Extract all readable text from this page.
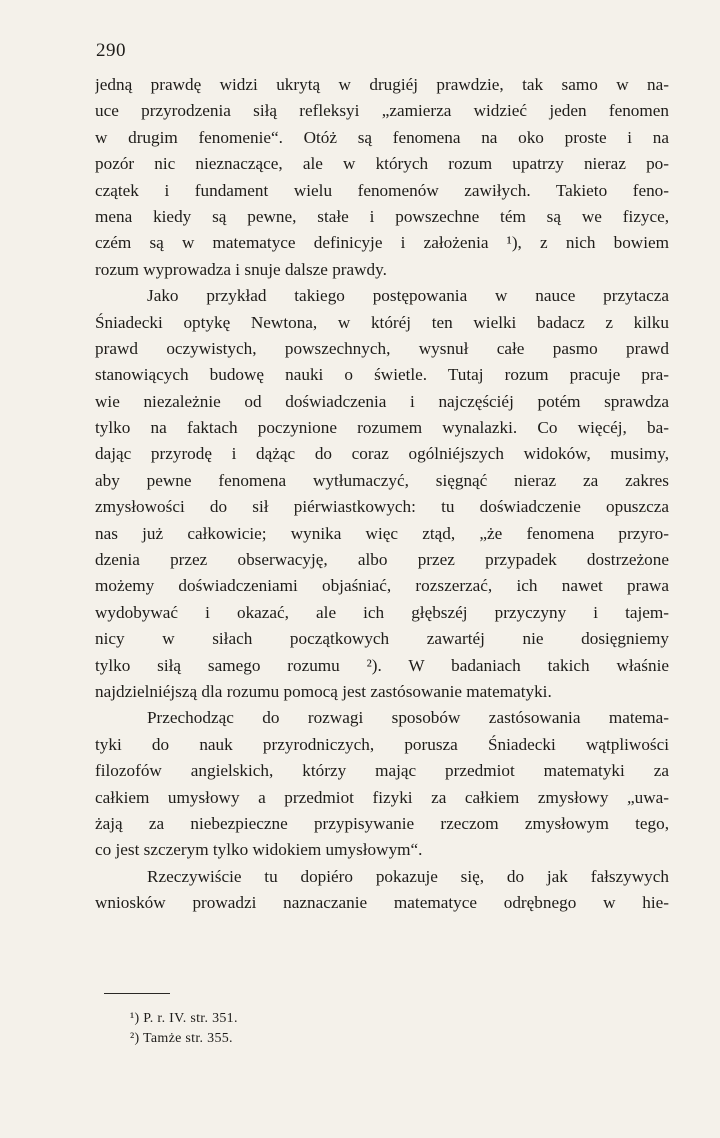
290
jedną prawdę widzi ukrytą w drugiéj prawdzie, tak samo w na-
uce przyrodzenia siłą refleksyi „zamierza widzieć jeden fenomen
w drugim fenomenie“. Otóż są fenomena na oko proste i na
pozór nic nieznaczące, ale w których rozum upatrzy nieraz po-
czątek i fundament wielu fenomenów zawiłych. Takieto feno-
mena kiedy są pewne, stałe i powszechne tém są we fizyce,
czém są w matematyce definicyje i założenia ¹), z nich bowiem
rozum wyprowadza i snuje dalsze prawdy.
Jako przykład takiego postępowania w nauce przytacza
Śniadecki optykę Newtona, w któréj ten wielki badacz z kilku
prawd oczywistych, powszechnych, wysnuł całe pasmo prawd
stanowiących budowę nauki o świetle. Tutaj rozum pracuje pra-
wie niezależnie od doświadczenia i najczęściéj potém sprawdza
tylko na faktach poczynione rozumem wynalazki. Co więcéj, ba-
dając przyrodę i dążąc do coraz ogólniéjszych widoków, musimy,
aby pewne fenomena wytłumaczyć, sięgnąć nieraz za zakres
zmysłowości do sił piérwiastkowych: tu doświadczenie opuszcza
nas już całkowicie; wynika więc ztąd, „że fenomena przyro-
dzenia przez obserwacyję, albo przez przypadek dostrzeżone
możemy doświadczeniami objaśniać, rozszerzać, ich nawet prawa
wydobywać i okazać, ale ich głębszéj przyczyny i tajem-
nicy w siłach początkowych zawartéj nie dosięgniemy
tylko siłą samego rozumu ²). W badaniach takich właśnie
najdzielniéjszą dla rozumu pomocą jest zastósowanie matematyki.
Przechodząc do rozwagi sposobów zastósowania matema-
tyki do nauk przyrodniczych, porusza Śniadecki wątpliwości
filozofów angielskich, którzy mając przedmiot matematyki za
całkiem umysłowy a przedmiot fizyki za całkiem zmysłowy „uwa-
żają za niebezpieczne przypisywanie rzeczom zmysłowym tego,
co jest szczerym tylko widokiem umysłowym“.
Rzeczywiście tu dopiéro pokazuje się, do jak fałszywych
wniosków prowadzi naznaczanie matematyce odrębnego w hie-
¹) P. r. IV. str. 351.
²) Tamże str. 355.
